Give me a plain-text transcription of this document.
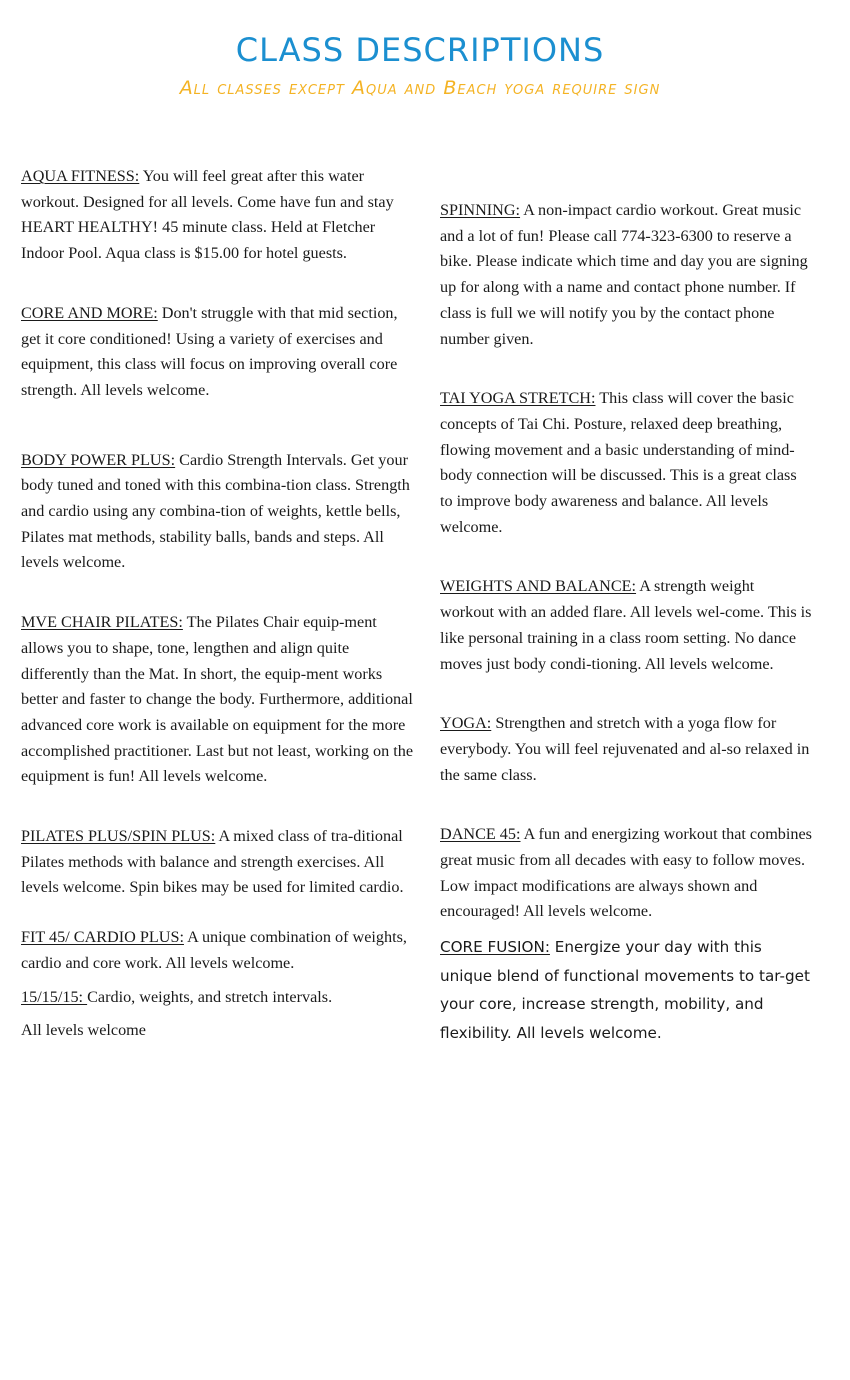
CLASS DESCRIPTIONS
All classes except Aqua and Beach yoga require sign

AQUA FITNESS: You will feel great after this water workout. Designed for all levels. Come have fun and stay HEART HEALTHY! 45 minute class. Held at Fletcher Indoor Pool. Aqua class is $15.00 for hotel guests.

CORE AND MORE: Don't struggle with that mid section, get it core conditioned! Using a variety of exercises and equipment, this class will focus on improving overall core strength. All levels welcome.

BODY POWER PLUS: Cardio Strength Intervals. Get your body tuned and toned with this combina-tion class. Strength and cardio using any combina-tion of weights, kettle bells, Pilates mat methods, stability balls, bands and steps. All levels welcome.

MVE CHAIR PILATES: The Pilates Chair equip-ment allows you to shape, tone, lengthen and align quite differently than the Mat. In short, the equip-ment works better and faster to change the body. Furthermore, additional advanced core work is available on equipment for the more accomplished practitioner. Last but not least, working on the equipment is fun! All levels welcome.

PILATES PLUS/SPIN PLUS: A mixed class of tra-ditional Pilates methods with balance and strength exercises. All levels welcome. Spin bikes may be used for limited cardio.

FIT 45/ CARDIO PLUS: A unique combination of weights, cardio and core work. All levels welcome.

15/15/15: Cardio, weights, and stretch intervals.

All levels welcome

SPINNING: A non-impact cardio workout. Great music and a lot of fun! Please call 774-323-6300 to reserve a bike. Please indicate which time and day you are signing up for along with a name and contact phone number. If class is full we will notify you by the contact phone number given.

TAI YOGA STRETCH: This class will cover the basic concepts of Tai Chi. Posture, relaxed deep breathing, flowing movement and a basic understanding of mind-body connection will be discussed. This is a great class to improve body awareness and balance. All levels welcome.

WEIGHTS AND BALANCE: A strength weight workout with an added flare. All levels wel-come. This is like personal training in a class room setting. No dance moves just body condi-tioning. All levels welcome.

YOGA: Strengthen and stretch with a yoga flow for everybody. You will feel rejuvenated and al-so relaxed in the same class.

DANCE 45: A fun and energizing workout that combines great music from all decades with easy to follow moves. Low impact modifications are always shown and encouraged! All levels welcome.

CORE FUSION: Energize your day with this unique blend of functional movements to tar-get your core, increase strength, mobility, and flexibility. All levels welcome.
